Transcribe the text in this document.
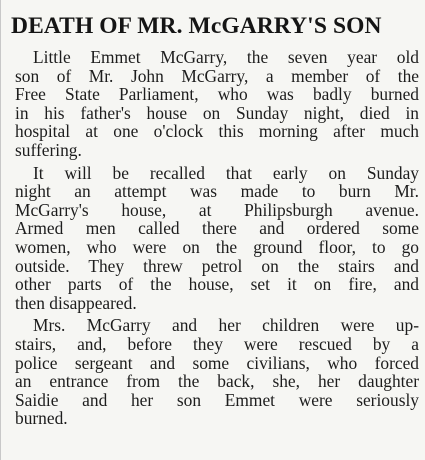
DEATH OF MR. McGARRY'S SON

Little Emmet McGarry, the seven year old
son of Mr. John McGarry, a member of the
Free State Parliament, who was badly burned
in his father's house on Sunday night, died in
hospital at one o'clock this morning after much
suffering.

It will be recalled that early on Sunday
night an attempt was made to burn Mr.
McGarry's house, at Philipsburgh avenue.
Armed men called there and ordered some
women, who were on the ground floor, to go
outside. They threw petrol on the stairs and
other parts of the house, set it on fire, and
then disappeared.

Mrs. McGarry and her children were up-
stairs, and, before they were rescued by a
police sergeant and some civilians, who forced
an entrance from the back, she, her daughter
Saidie and her son Emmet were seriously
burned.
